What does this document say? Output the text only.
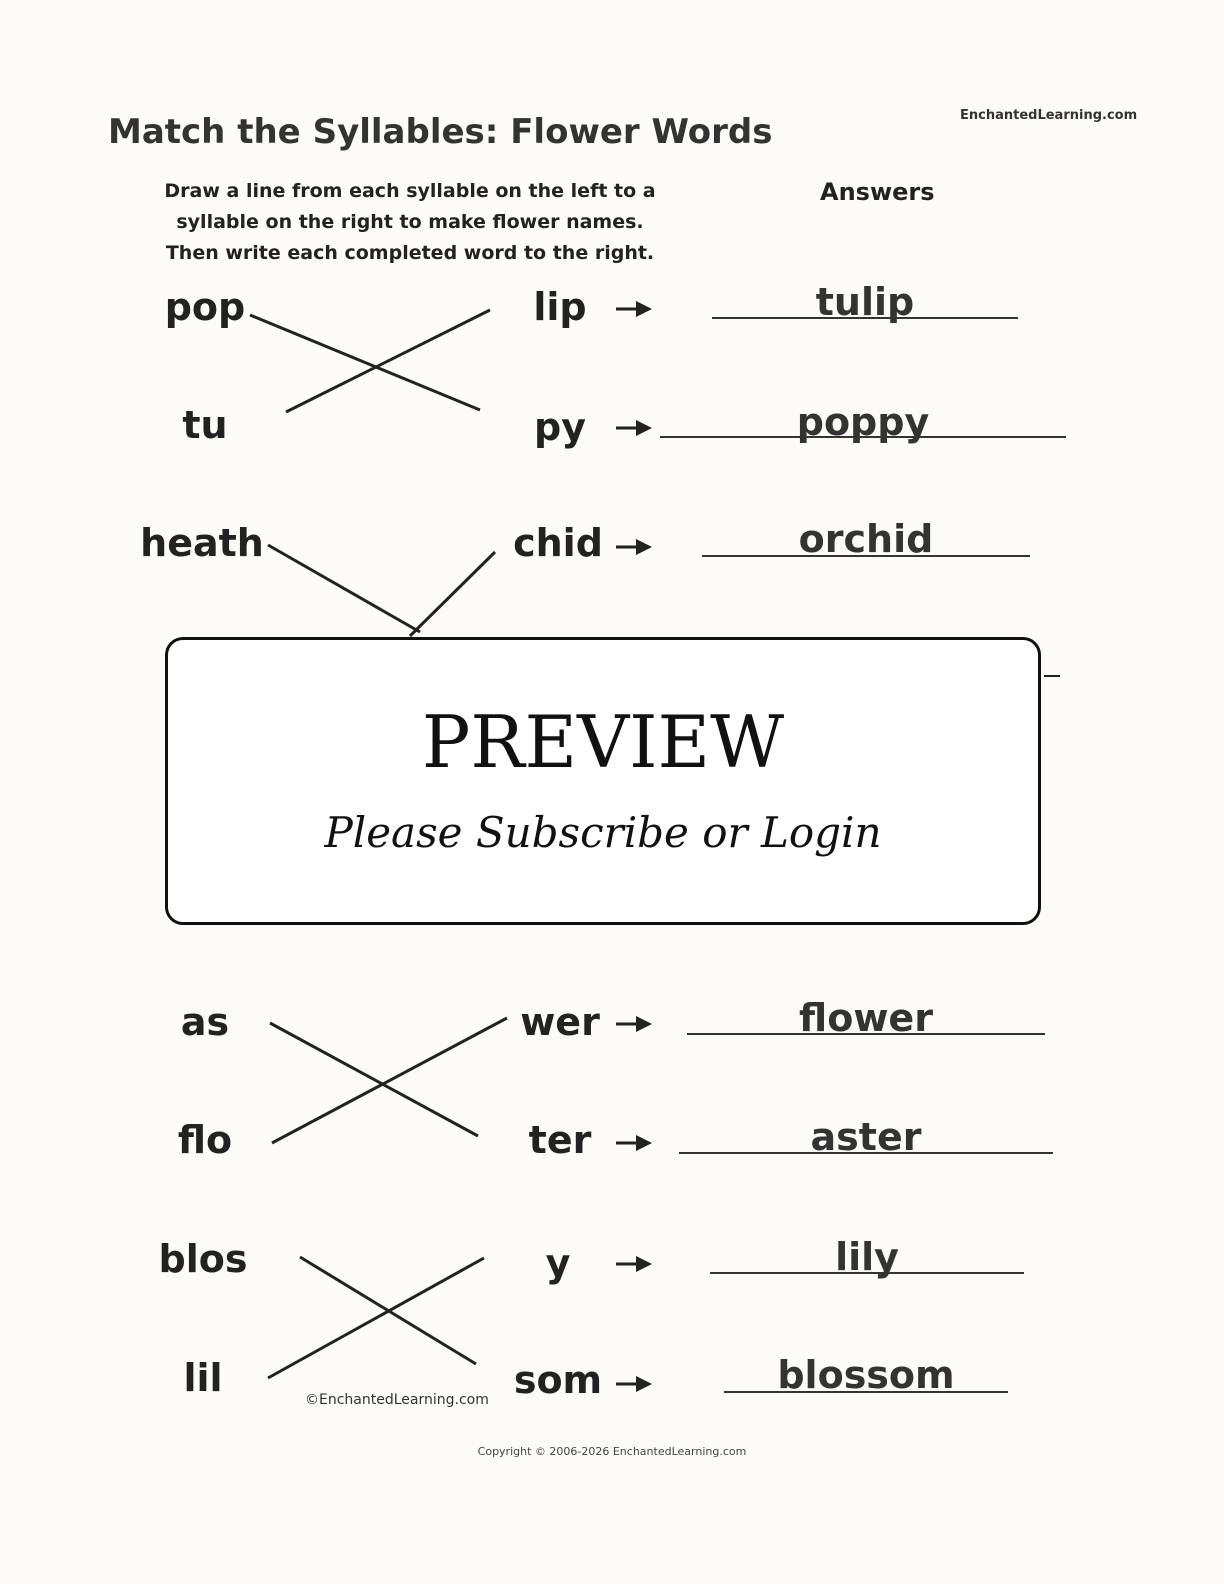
Match the Syllables: Flower Words	EnchantedLearning.com
Draw a line from each syllable on the left to a
syllable on the right to make flower names.
Then write each completed word to the right.
Answers
pop	lip	tulip
tu	py	poppy
heath	chid	orchid
PREVIEW
Please Subscribe or Login
as	wer	flower
flo	ter	aster
blos	y	lily
lil	som	blossom
©EnchantedLearning.com
Copyright © 2006-2026 EnchantedLearning.com
